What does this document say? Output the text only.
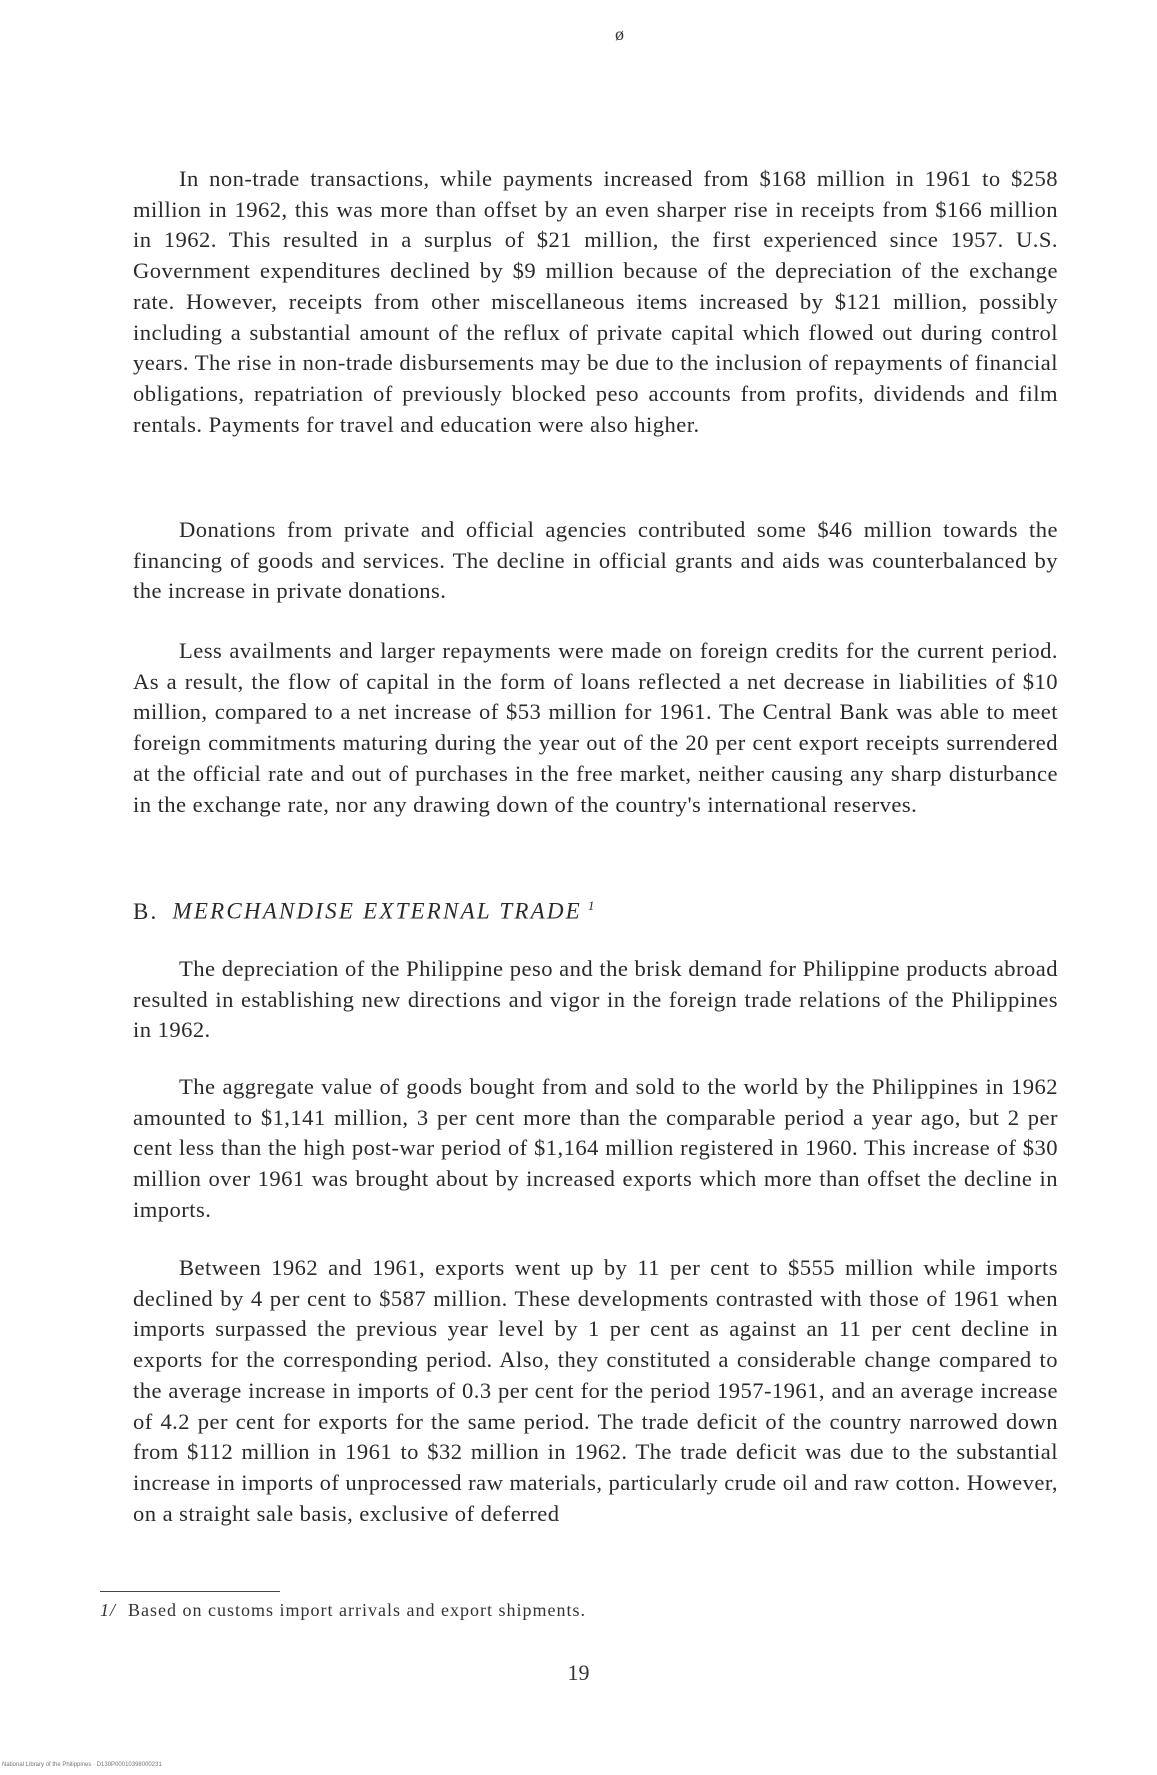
ø

In non-trade transactions, while payments increased from $168 million in 1961 to $258 million in 1962, this was more than offset by an even sharper rise in receipts from $166 million in 1962. This resulted in a surplus of $21 million, the first experienced since 1957. U.S. Government expenditures declined by $9 million because of the depreciation of the exchange rate. However, receipts from other miscellaneous items increased by $121 million, possibly including a substantial amount of the reflux of private capital which flowed out during control years. The rise in non-trade disbursements may be due to the inclusion of repayments of financial obligations, repatriation of previously blocked peso accounts from profits, dividends and film rentals. Payments for travel and education were also higher.

Donations from private and official agencies contributed some $46 million towards the financing of goods and services. The decline in official grants and aids was counterbalanced by the increase in private donations.

Less availments and larger repayments were made on foreign credits for the current period. As a result, the flow of capital in the form of loans reflected a net decrease in liabilities of $10 million, compared to a net increase of $53 million for 1961. The Central Bank was able to meet foreign commitments maturing during the year out of the 20 per cent export receipts surrendered at the official rate and out of purchases in the free market, neither causing any sharp disturbance in the exchange rate, nor any drawing down of the country's international reserves.

B. MERCHANDISE EXTERNAL TRADE $^1$

The depreciation of the Philippine peso and the brisk demand for Philippine products abroad resulted in establishing new directions and vigor in the foreign trade relations of the Philippines in 1962.

The aggregate value of goods bought from and sold to the world by the Philippines in 1962 amounted to $1,141 million, 3 per cent more than the comparable period a year ago, but 2 per cent less than the high post-war period of $1,164 million registered in 1960. This increase of $30 million over 1961 was brought about by increased exports which more than offset the decline in imports.

Between 1962 and 1961, exports went up by 11 per cent to $555 million while imports declined by 4 per cent to $587 million. These developments contrasted with those of 1961 when imports surpassed the previous year level by 1 per cent as against an 11 per cent decline in exports for the corresponding period. Also, they constituted a considerable change compared to the average increase in imports of 0.3 per cent for the period 1957-1961, and an average increase of 4.2 per cent for exports for the same period. The trade deficit of the country narrowed down from $112 million in 1961 to $32 million in 1962. The trade deficit was due to the substantial increase in imports of unprocessed raw materials, particularly crude oil and raw cotton. However, on a straight sale basis, exclusive of deferred

1/ Based on customs import arrivals and export shipments.
19
National Library of the Philippines · D130P00010398000231
